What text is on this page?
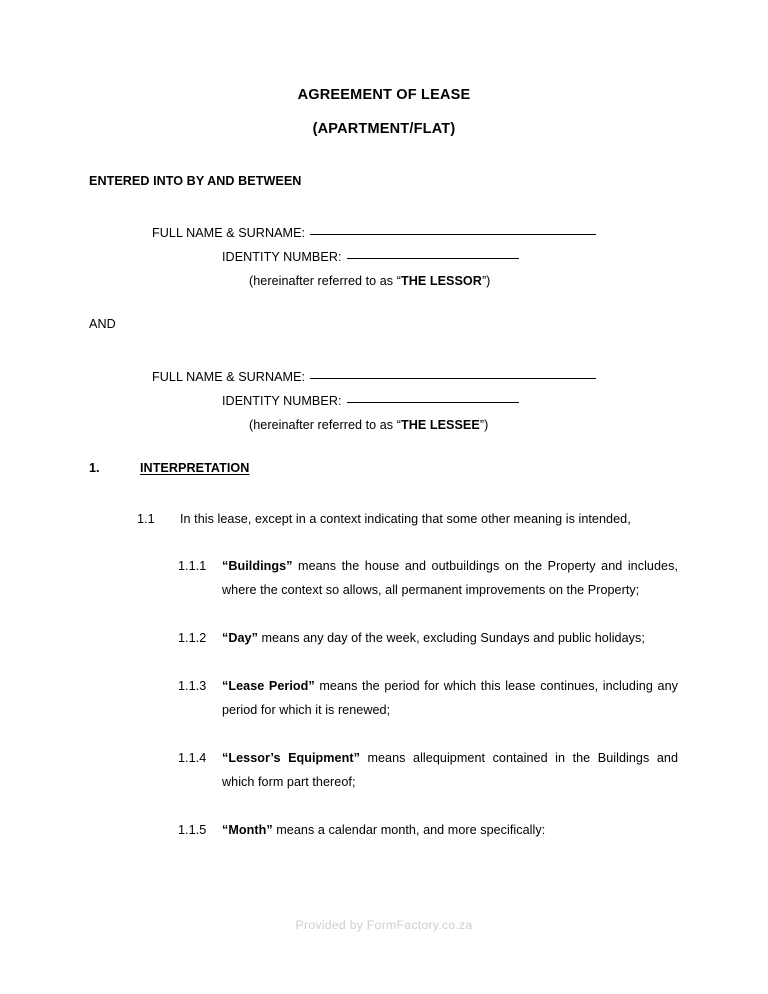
AGREEMENT OF LEASE
(APARTMENT/FLAT)
ENTERED INTO BY AND BETWEEN
FULL NAME & SURNAME:
IDENTITY NUMBER:
(hereinafter referred to as “THE LESSOR”)
AND
FULL NAME & SURNAME:
IDENTITY NUMBER:
(hereinafter referred to as “THE LESSEE”)
1.	INTERPRETATION
1.1 In this lease, except in a context indicating that some other meaning is intended,
1.1.1 “Buildings” means the house and outbuildings on the Property and includes, where the context so allows, all permanent improvements on the Property;
1.1.2 “Day” means any day of the week, excluding Sundays and public holidays;
1.1.3 “Lease Period” means the period for which this lease continues, including any period for which it is renewed;
1.1.4 “Lessor’s Equipment” means allequipment contained in the Buildings and which form part thereof;
1.1.5 “Month” means a calendar month, and more specifically:
Provided by FormFactory.co.za
